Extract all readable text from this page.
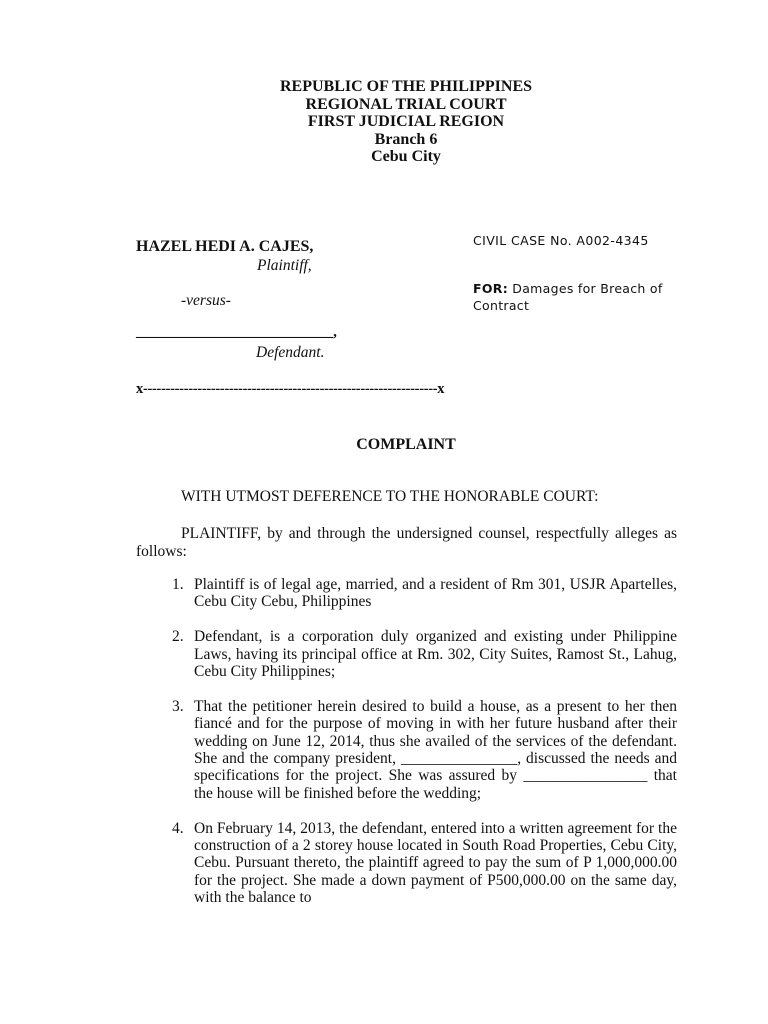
REPUBLIC OF THE PHILIPPINES
REGIONAL TRIAL COURT
FIRST JUDICIAL REGION
Branch 6
Cebu City
HAZEL HEDI A. CAJES,
Plaintiff,
-versus-
___________________________,
Defendant.
CIVIL CASE No. A002-4345
FOR: Damages for Breach of Contract
x-----------------------------------------------------------------x
COMPLAINT
WITH UTMOST DEFERENCE TO THE HONORABLE COURT:
PLAINTIFF, by and through the undersigned counsel, respectfully alleges as follows:
1. Plaintiff is of legal age, married, and a resident of Rm 301, USJR Apartelles, Cebu City Cebu, Philippines
2. Defendant, is a corporation duly organized and existing under Philippine Laws, having its principal office at Rm. 302, City Suites, Ramost St., Lahug, Cebu City Philippines;
3. That the petitioner herein desired to build a house, as a present to her then fiancé and for the purpose of moving in with her future husband after their wedding on June 12, 2014, thus she availed of the services of the defendant. She and the company president, _______________, discussed the needs and specifications for the project. She was assured by ________________ that the house will be finished before the wedding;
4. On February 14, 2013, the defendant, entered into a written agreement for the construction of a 2 storey house located in South Road Properties, Cebu City, Cebu. Pursuant thereto, the plaintiff agreed to pay the sum of P 1,000,000.00 for the project. She made a down payment of P500,000.00 on the same day, with the balance to
